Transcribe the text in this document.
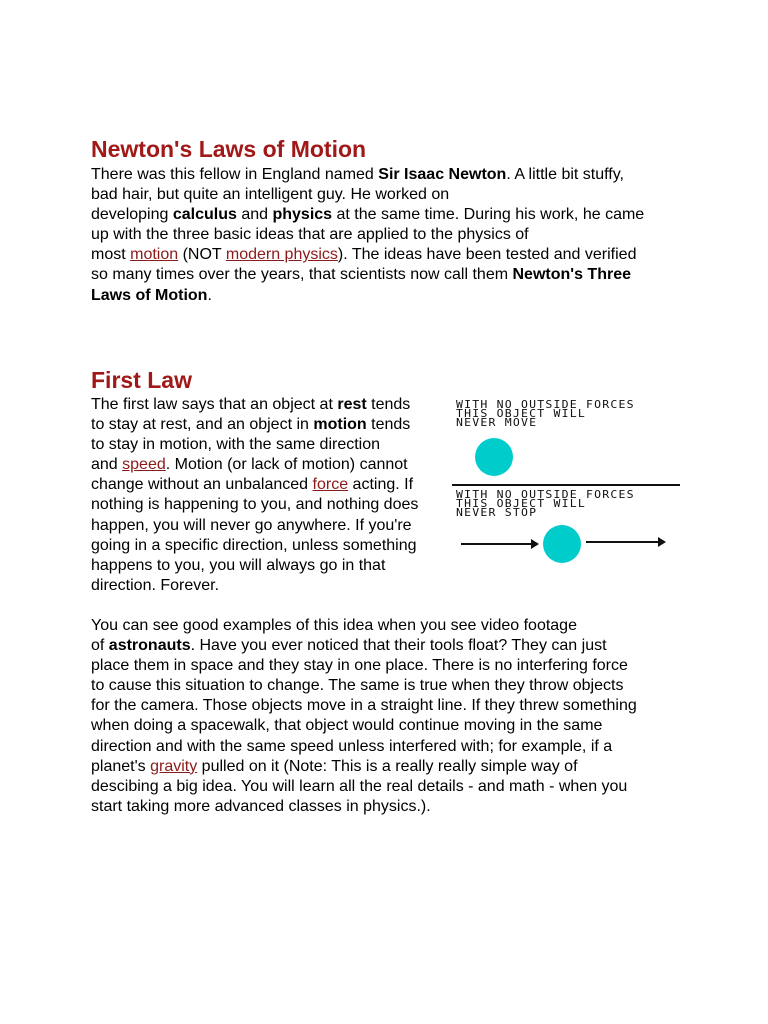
Newton's Laws of Motion

There was this fellow in England named Sir Isaac Newton. A little bit stuffy,
bad hair, but quite an intelligent guy. He worked on
developing calculus and physics at the same time. During his work, he came
up with the three basic ideas that are applied to the physics of
most motion (NOT modern physics). The ideas have been tested and verified
so many times over the years, that scientists now call them Newton's Three
Laws of Motion.

First Law

The first law says that an object at rest tends
to stay at rest, and an object in motion tends
to stay in motion, with the same direction
and speed. Motion (or lack of motion) cannot
change without an unbalanced force acting. If
nothing is happening to you, and nothing does
happen, you will never go anywhere. If you're
going in a specific direction, unless something
happens to you, you will always go in that
direction. Forever.

WITH NO OUTSIDE FORCES
THIS OBJECT WILL
NEVER MOVE
WITH NO OUTSIDE FORCES
THIS OBJECT WILL
NEVER STOP

You can see good examples of this idea when you see video footage
of astronauts. Have you ever noticed that their tools float? They can just
place them in space and they stay in one place. There is no interfering force
to cause this situation to change. The same is true when they throw objects
for the camera. Those objects move in a straight line. If they threw something
when doing a spacewalk, that object would continue moving in the same
direction and with the same speed unless interfered with; for example, if a
planet's gravity pulled on it (Note: This is a really really simple way of
descibing a big idea. You will learn all the real details - and math - when you
start taking more advanced classes in physics.).
